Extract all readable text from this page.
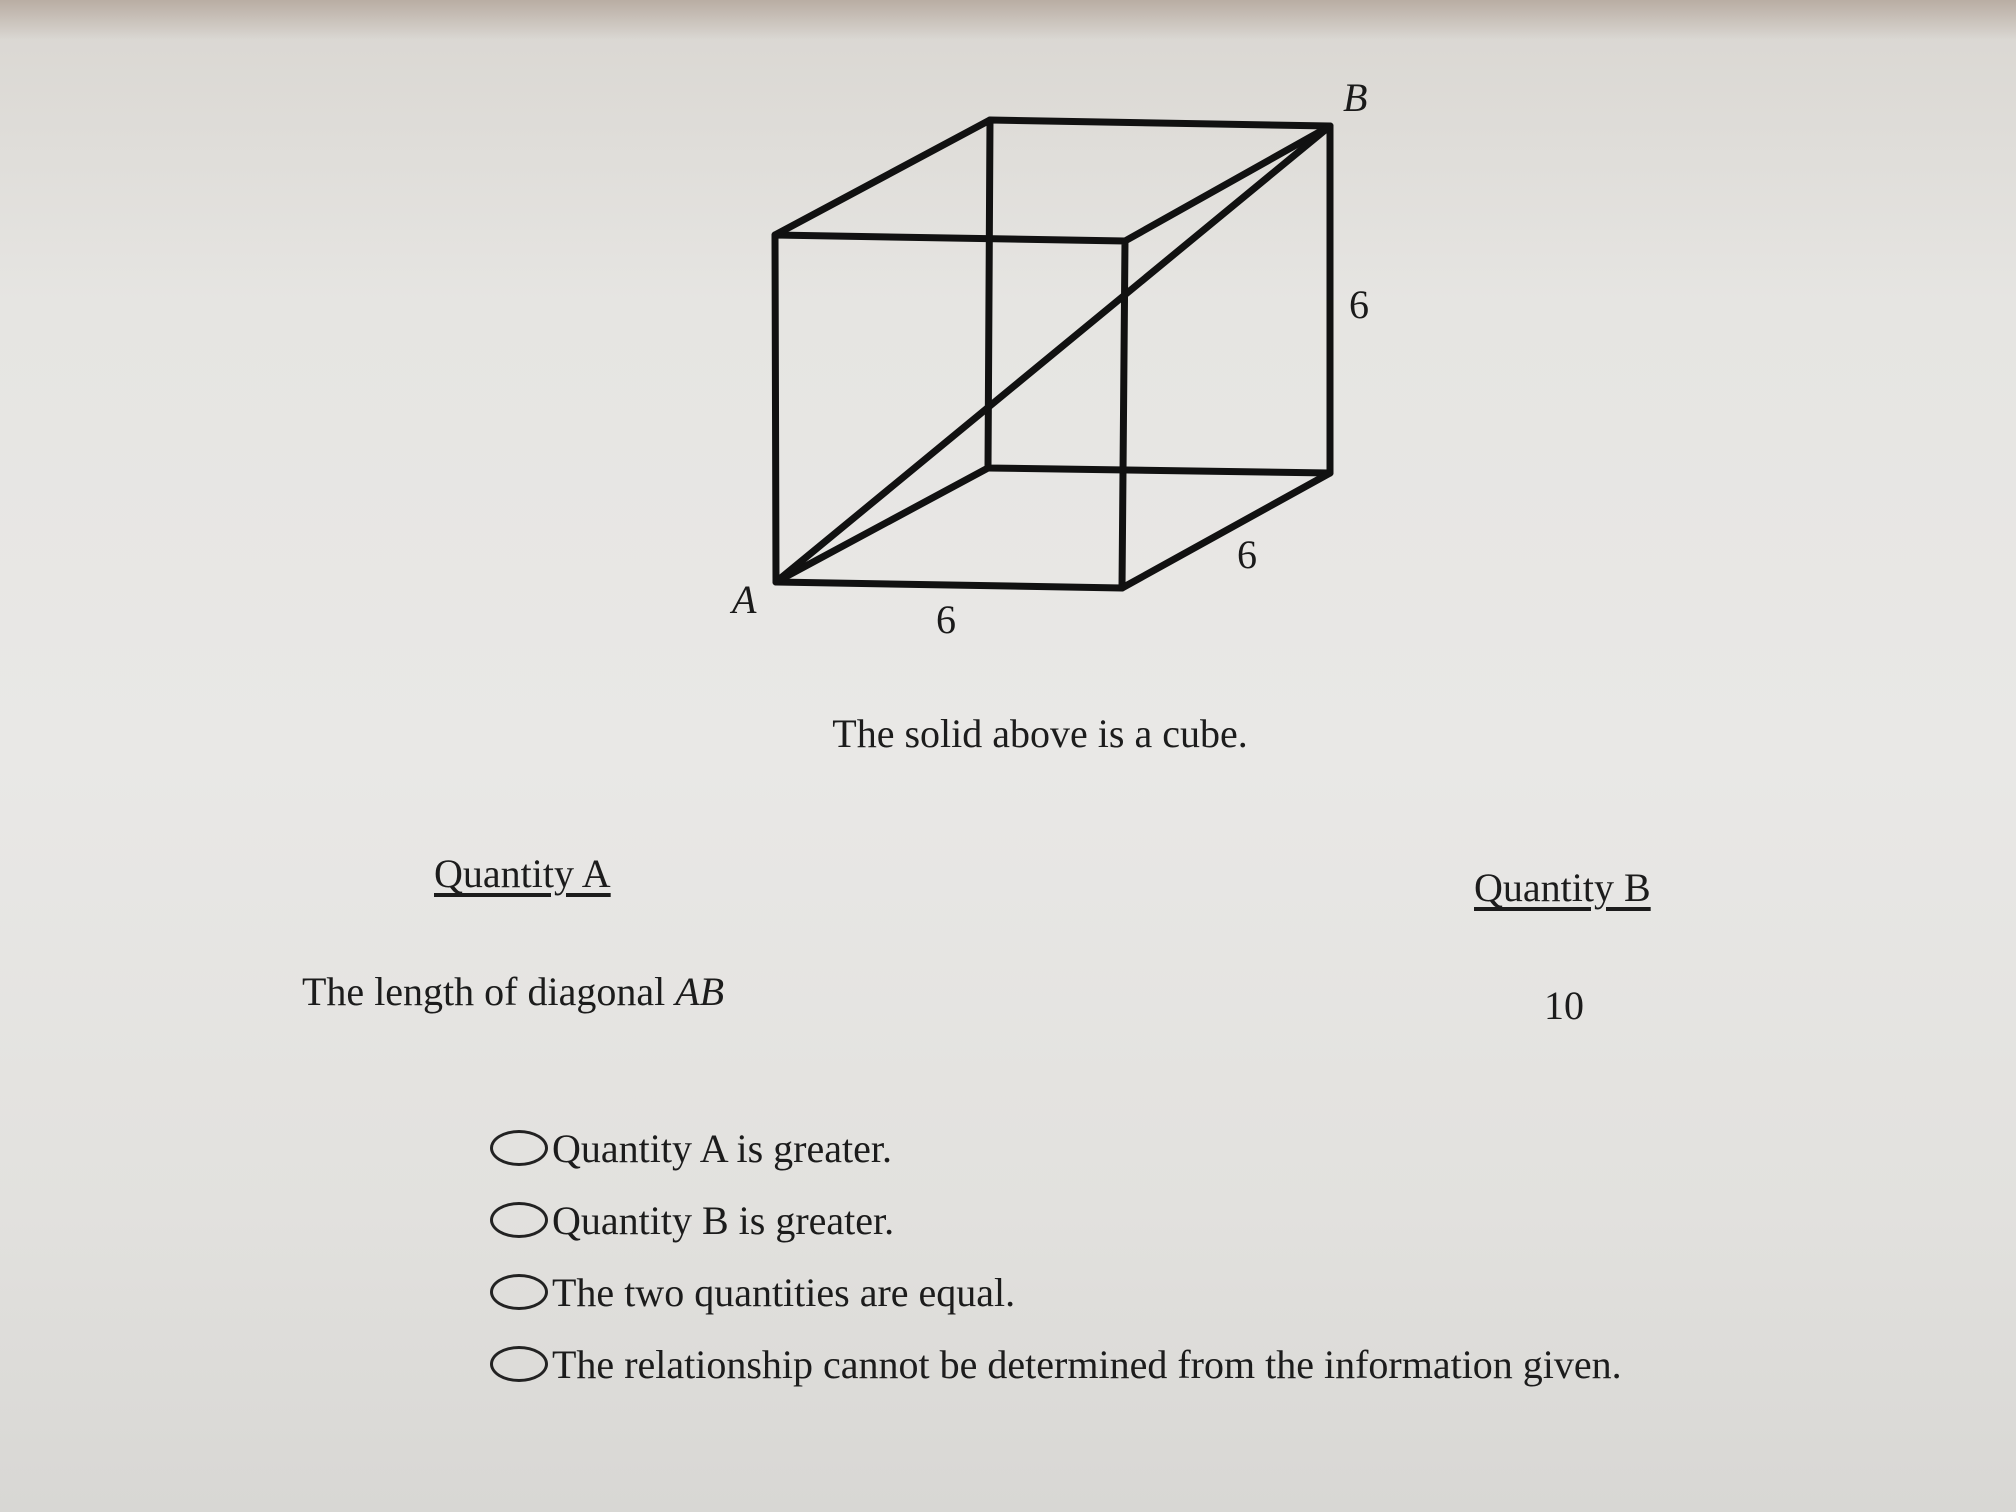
A
B
6
6
6
The solid above is a cube.
Quantity A	Quantity B
The length of diagonal AB	10
Quantity A is greater.
Quantity B is greater.
The two quantities are equal.
The relationship cannot be determined from the information given.
